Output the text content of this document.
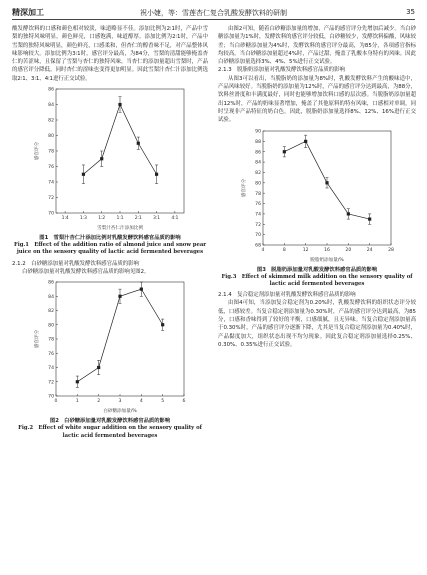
精深加工	祝小婕，等：雪莲杏仁复合乳酸发酵饮料的研制	35

酸发酵饮料的口感和颜色相对较淡，味道略显不佳。添加比例为2∶1时，产品中雪梨的独特风味明显，颜色鲜亮，口感饱满，味道醇厚。添加比例为2∶1时，产品中雪梨的独特风味明显，颜色鲜亮，口感柔和，但杏仁的醇香味不足，对产品整体风味影响较大。添加比例为3∶1时，感官评分最高，为84分，雪梨的清甜能够掩盖杏仁的苦涩味，且保留了雪梨与杏仁的独特风味。当杏仁的添加量超出雪梨时，产品的感官评分降低，同时杏仁的涩味也变得更加明显。因此雪梨汁杏仁汁添加比例选取2∶1、3∶1、4∶1进行正交试验。

70
72
74
76
78
80
82
84
86
1∶4 1∶3 1∶2 1∶1 2∶1 3∶1 4∶1
感官评分
雪梨汁杏仁汁添加比例
图1　雪梨汁杏仁汁添加比例对乳酸发酵饮料感官品质的影响
Fig.1　Effect of the addition ratio of almond juice and snow pear juice on the sensory quality of lactic acid fermented beverages

2.1.2　白砂糖添加量对乳酸发酵饮料感官品质的影响

白砂糖添加量对乳酸发酵饮料感官品质的影响见图2。

70
72
74
76
78
80
82
84
86
0	1	2	3	4	5	6
感官评分
白砂糖添加量/%
图2　白砂糖添加量对乳酸发酵饮料感官品质的影响
Fig.2　Effect of white sugar addition on the sensory quality of lactic acid fermented beverages

由图2可知，随着白砂糖添加量的增加，产品的感官评分先增加后减少。当白砂糖添加量为1%时，发酵饮料的感官评分较低，白砂糖较少，发酵饮料偏酸，风味较差；当白砂糖添加量为4%时，发酵饮料的感官评分最高，为85分，各项感官指标均较高。当白砂糖添加量超过4%时，产品过甜，掩盖了乳酸本身特有的风味。因此白砂糖添加量选择3%、4%、5%进行正交试验。

2.1.3　脱脂奶添加量对乳酸发酵饮料感官品质的影响

从图3可以看出，当脱脂奶的添加量为8%时，乳酸发酵饮料产生的酸味适中，产品风味较好。当脱脂奶的添加量为12%时，产品的感官评分达到最高，为88分，饮料丝滑度和丰满度最好，同时也能够增加饮料口感的层次感。当脱脂奶添加量超出12%时，产品的奶味显著增加，掩盖了其他原料的特有风味，口感相对单调，同时呈现非产品特征的奶白色。因此，脱脂奶添加量选择8%、12%、16%进行正交试验。

68
70
72
74
76
78
80
82
84
86
88
90
4	8	12	16	20	24	28
感官评分
脱脂奶添加量/%
图3　脱脂奶添加量对乳酸发酵饮料感官品质的影响
Fig.3　Effect of skimmed milk addition on the sensory quality of lactic acid fermented beverages

2.1.4　复合稳定剂添加量对乳酸发酵饮料感官品质的影响

由图4可知，当添加复合稳定剂为0.20%时，乳酸发酵饮料的组织状态评分较低，口感较差。当复合稳定剂添加量为0.30%时，产品的感官评分达到最高，为85分，口感和香味得到了较好的平衡，口感细腻，且无异味。当复合稳定剂添加量高于0.30%时，产品的感官评分逐渐下降，尤其是当复合稳定剂添加量为0.40%时，产品黏度加大，组织状态出现不均匀现象。因此复合稳定剂添加量选择0.25%、0.30%、0.35%进行正交试验。
